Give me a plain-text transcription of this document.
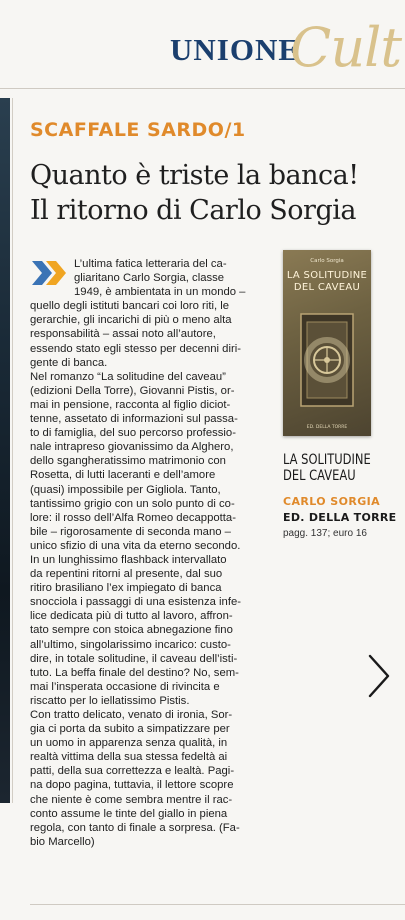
UNIONE
Cult
SCAFFALE SARDO/1
Quanto è triste la banca!
Il ritorno di Carlo Sorgia
L’ultima fatica letteraria del ca-
gliaritano Carlo Sorgia, classe
1949, è ambientata in un mondo –
quello degli istituti bancari coi loro riti, le
gerarchie, gli incarichi di più o meno alta
responsabilità – assai noto all’autore,
essendo stato egli stesso per decenni diri-
gente di banca.
Nel romanzo “La solitudine del caveau”
(edizioni Della Torre), Giovanni Pistis, or-
mai in pensione, racconta al figlio diciot-
tenne, assetato di informazioni sul passa-
to di famiglia, del suo percorso professio-
nale intrapreso giovanissimo da Alghero,
dello sgangheratissimo matrimonio con
Rosetta, di lutti laceranti e dell’amore
(quasi) impossibile per Gigliola. Tanto,
tantissimo grigio con un solo punto di co-
lore: il rosso dell’Alfa Romeo decappotta-
bile – rigorosamente di seconda mano –
unico sfizio di una vita da eterno secondo.
In un lunghissimo flashback intervallato
da repentini ritorni al presente, dal suo
ritiro brasiliano l’ex impiegato di banca
snocciola i passaggi di una esistenza infe-
lice dedicata più di tutto al lavoro, affron-
tato sempre con stoica abnegazione fino
all’ultimo, singolarissimo incarico: custo-
dire, in totale solitudine, il caveau dell’isti-
tuto. La beffa finale del destino? No, sem-
mai l’insperata occasione di rivincita e
riscatto per lo iellatissimo Pistis.
Con tratto delicato, venato di ironia, Sor-
gia ci porta da subito a simpatizzare per
un uomo in apparenza senza qualità, in
realtà vittima della sua stessa fedeltà ai
patti, della sua correttezza e lealtà. Pagi-
na dopo pagina, tuttavia, il lettore scopre
che niente è come sembra mentre il rac-
conto assume le tinte del giallo in piena
regola, con tanto di finale a sorpresa. (Fa-
bio Marcello)
Carlo Sorgia
LA SOLITUDINE
DEL CAVEAU
ED. DELLA TORRE
LA SOLITUDINE
DEL CAVEAU
CARLO SORGIA
ED. DELLA TORRE
pagg. 137; euro 16
